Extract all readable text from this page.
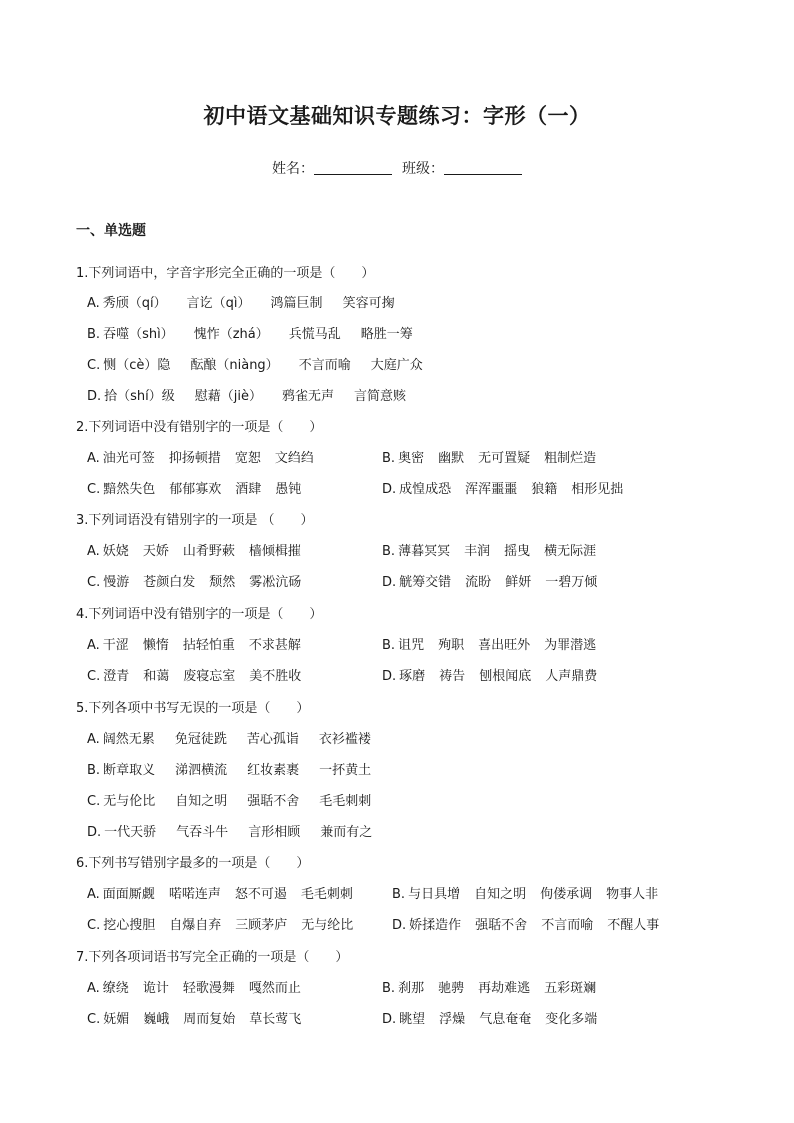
初中语文基础知识专题练习：字形（一）
姓名：	班级：
一、单选题
1.下列词语中，字音字形完全正确的一项是（　　）
A. 秀颀（qí） 言讫（qì） 鸿篇巨制 笑容可掬
B. 吞噬（shì） 愧怍（zhá） 兵慌马乱 略胜一筹
C. 恻（cè）隐 酝酿（niàng） 不言而喻 大庭广众
D. 拾（shí）级 慰藉（jiè） 鸦雀无声 言简意赅
2.下列词语中没有错别字的一项是（　　）
A. 油光可签 抑扬顿措 宽恕 文绉绉	B. 奥密 幽默 无可置疑 粗制烂造
C. 黯然失色 郁郁寡欢 酒肆 愚钝	D. 成惶成恐 浑浑噩噩 狼籍 相形见拙
3.下列词语没有错别字的一项是 （　　）
A. 妖娆 天娇 山肴野蔌 樯倾楫摧	B. 薄暮冥冥 丰润 摇曳 横无际涯
C. 慢游 苍颜白发 颓然 雾凇沆砀	D. 觥筹交错 流盼 鲜妍 一碧万倾
4.下列词语中没有错别字的一项是（　　）
A. 干涩 懒惰 拈轻怕重 不求甚解	B. 诅咒 殉职 喜出旺外 为罪潜逃
C. 澄青 和蔼 废寝忘室 美不胜收	D. 琢磨 祷告 刨根闻底 人声鼎费
5.下列各项中书写无误的一项是（　　）
A. 阔然无累 免冠徒跣 苦心孤诣 衣衫褴褛
B. 断章取义 涕泗横流 红妆素裹 一抔黄土
C. 无与伦比 自知之明 强聒不舍 毛毛刺刺
D. 一代天骄 气吞斗牛 言形相顾 兼而有之
6.下列书写错别字最多的一项是（　　）
A. 面面厮觑 喏喏连声 怒不可遏 毛毛刺刺	B. 与日具增 自知之明 佝偻承调 物事人非
C. 挖心搜胆 自爆自弃 三顾茅庐 无与纶比	D. 娇揉造作 强聒不舍 不言而喻 不醒人事
7.下列各项词语书写完全正确的一项是（　　）
A. 缭绕 诡计 轻歌漫舞 嘎然而止	B. 刹那 驰骋 再劫难逃 五彩斑斓
C. 妩媚 巍峨 周而复始 草长莺飞	D. 眺望 浮燥 气息奄奄 变化多端
